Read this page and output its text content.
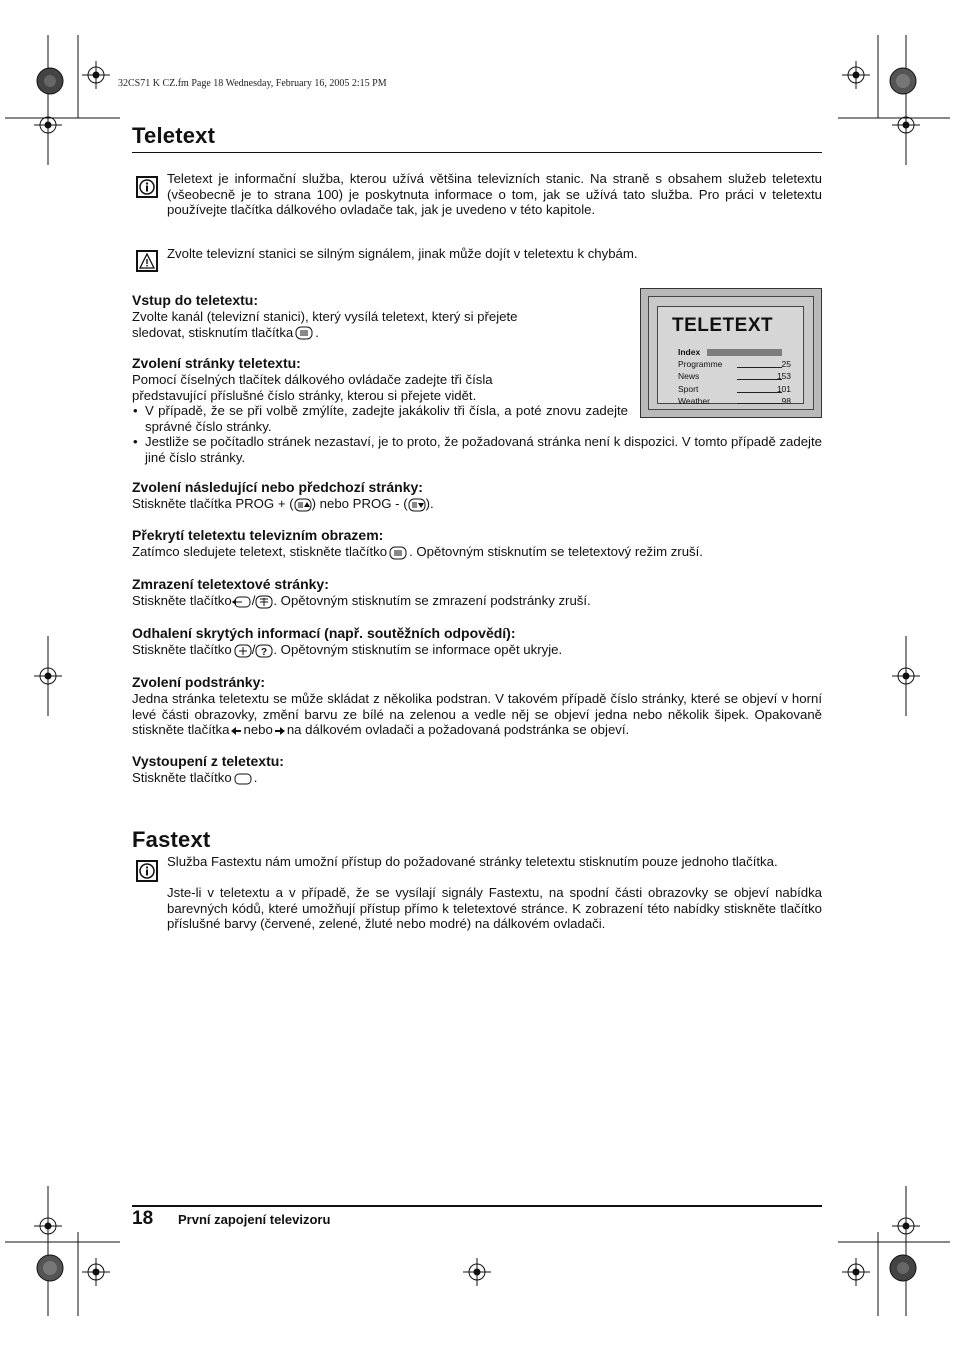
32CS71 K CZ.fm Page 18 Wednesday, February 16, 2005 2:15 PM
Teletext
Teletext je informační služba, kterou užívá většina televizních stanic. Na straně s obsahem služeb teletextu (všeobecně je to strana 100) je poskytnuta informace o tom, jak se užívá tato služba. Pro práci v teletextu používejte tlačítka dálkového ovladače tak, jak je uvedeno v této kapitole.
Zvolte televizní stanici se silným signálem, jinak může dojít v teletextu k chybám.
TELETEXT
Index
Programme	25
News	153
Sport	101
Weather	98
Vstup do teletextu:
Zvolte kanál (televizní stanici), který vysílá teletext, který si přejete sledovat, stisknutím tlačítka .
Zvolení stránky teletextu:
Pomocí číselných tlačítek dálkového ovládače zadejte tři čísla představující příslušné číslo stránky, kterou si přejete vidět.
• V případě, že se při volbě zmýlíte, zadejte jakákoliv tři čísla, a poté znovu zadejte správné číslo stránky.
• Jestliže se počítadlo stránek nezastaví, je to proto, že požadovaná stránka není k dispozici. V tomto případě zadejte jiné číslo stránky.
Zvolení následující nebo předchozí stránky:
Stiskněte tlačítka PROG + ( ) nebo PROG - ( ).
Překrytí teletextu televizním obrazem:
Zatímco sledujete teletext, stiskněte tlačítko . Opětovným stisknutím se teletextový režim zruší.
Zmrazení teletextové stránky:
Stiskněte tlačítko / . Opětovným stisknutím se zmrazení podstránky zruší.
Odhalení skrytých informací (např. soutěžních odpovědí):
Stiskněte tlačítko / ? . Opětovným stisknutím se informace opět ukryje.
Zvolení podstránky:
Jedna stránka teletextu se může skládat z několika podstran. V takovém případě číslo stránky, které se objeví v horní levé části obrazovky, změní barvu ze bílé na zelenou a vedle něj se objeví jedna nebo několik šipek. Opakovaně stiskněte tlačítka nebo na dálkovém ovladači a požadovaná podstránka se objeví.
Vystoupení z teletextu:
Stiskněte tlačítko .
Fastext
Služba Fastextu nám umožní přístup do požadované stránky teletextu stisknutím pouze jednoho tlačítka.
Jste-li v teletextu a v případě, že se vysílají signály Fastextu, na spodní části obrazovky se objeví nabídka barevných kódů, které umožňují přístup přímo k teletextové stránce. K zobrazení této nabídky stiskněte tlačítko příslušné barvy (červené, zelené, žluté nebo modré) na dálkovém ovladači.
18 První zapojení televizoru
